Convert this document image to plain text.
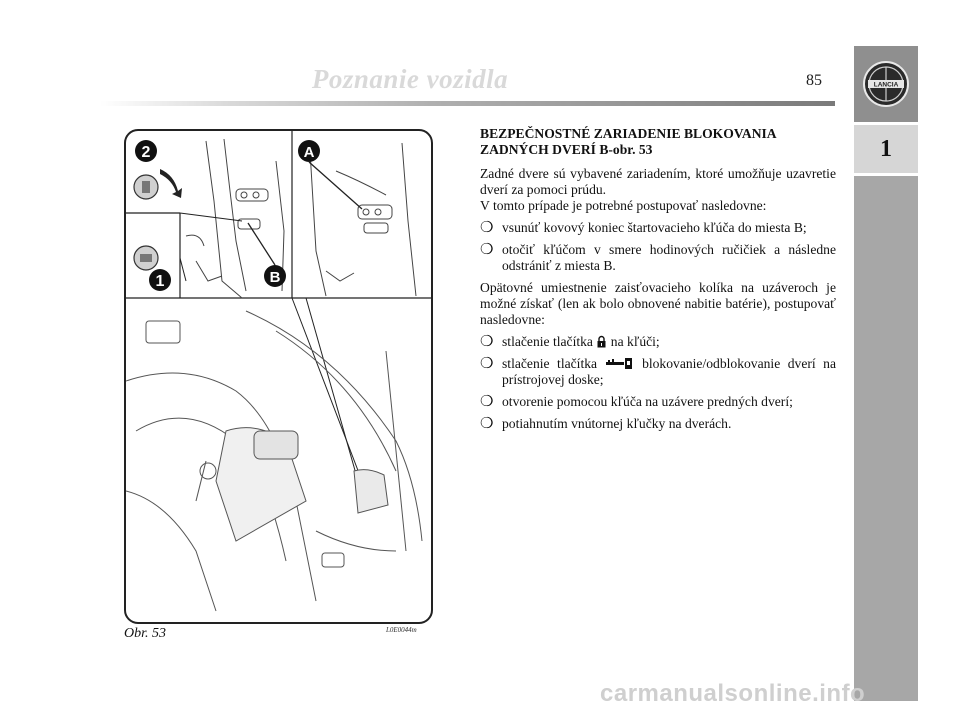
Poznanie vozidla	85	LANCIA
1
2	A
1	B
Obr. 53	L0E0044m
BEZPEČNOSTNÉ ZARIADENIE BLOKOVANIA
ZADNÝCH DVERÍ B-obr. 53

Zadné dvere sú vybavené zariadením, ktoré umožňuje uzavretie dverí za pomoci prúdu.

V tomto prípade je potrebné postupovať nasledovne:

❍ vsunúť kovový koniec štartovacieho kľúča do miesta B;
❍ otočiť kľúčom v smere hodinových ručičiek a následne odstrániť z miesta B.

Opätovné umiestnenie zaisťovacieho kolíka na uzáveroch je možné získať (len ak bolo obnovené nabitie batérie), postupovať nasledovne:

❍ stlačenie tlačítka na kľúči;
❍ stlačenie tlačítka	blokovanie/odblokovanie dverí na prístrojovej doske;
❍ otvorenie pomocou kľúča na uzávere predných dverí;
❍ potiahnutím vnútornej kľučky na dverách.
carmanualsonline.info
